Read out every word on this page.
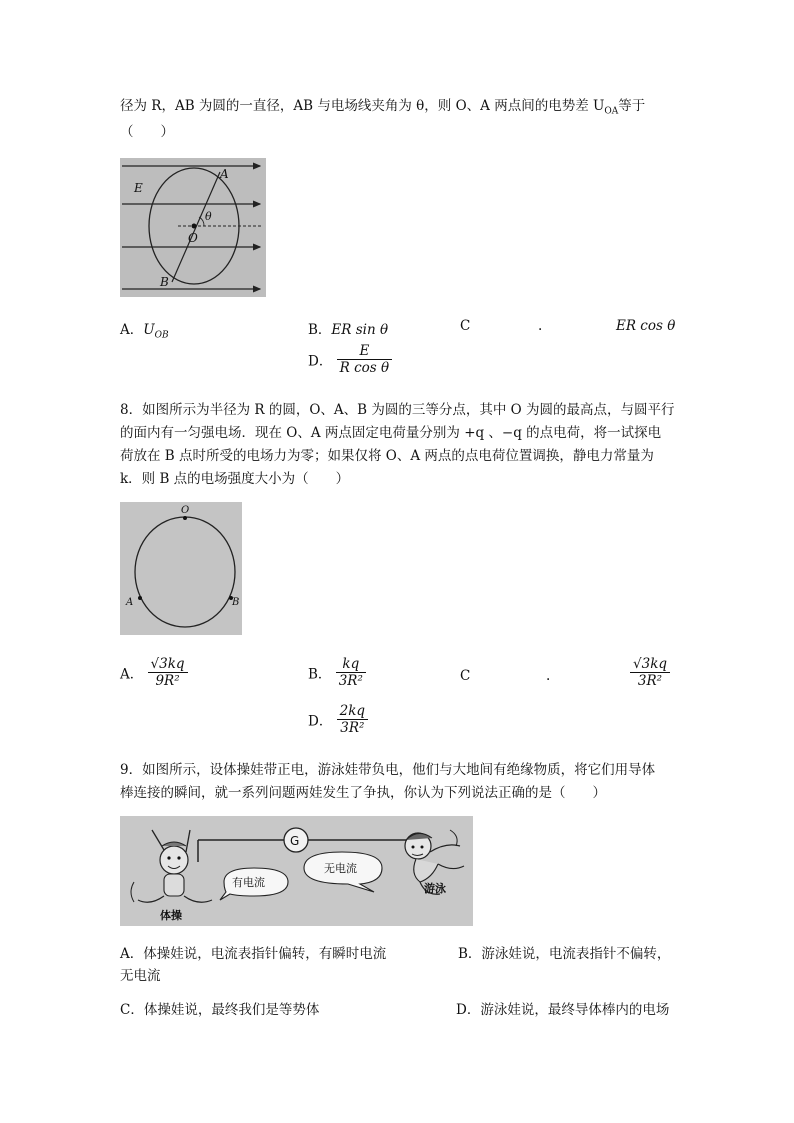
径为 R，AB 为圆的一直径，AB 与电场线夹角为 θ，则 O、A 两点间的电势差 $U_{OA}$等于
（　　）
E
A
B
O
θ
A．$U_{OB}$	B．ER sin θ	C	.	ER cos θ
D． $\frac{E}{\text{R cos θ}}$
8．如图所示为半径为 R 的圆，O、A、B 为圆的三等分点，其中 O 为圆的最高点，与圆平行
的面内有一匀强电场．现在 O、A 两点固定电荷量分别为 +q 、−q 的点电荷，将一试探电
荷放在 B 点时所受的电场力为零；如果仅将 O、A 两点的点电荷位置调换，静电力常量为
k．则 B 点的电场强度大小为（　　）
O
A	B
A． $\frac{√3kq}{\text{9R²}}$	B． $\frac{kq}{\text{3R²}}$	C	.	$\frac{√3kq}{\text{3R²}}$
D． $\frac{2kq}{\text{3R²}}$
9．如图所示，设体操娃带正电，游泳娃带负电，他们与大地间有绝缘物质，将它们用导体
棒连接的瞬间，就一系列问题两娃发生了争执，你认为下列说法正确的是（　　）
G
有电流
无电流
体操
游泳
A．体操娃说，电流表指针偏转，有瞬时电流	B．游泳娃说，电流表指针不偏转，
无电流
C．体操娃说，最终我们是等势体	D．游泳娃说，最终导体棒内的电场
